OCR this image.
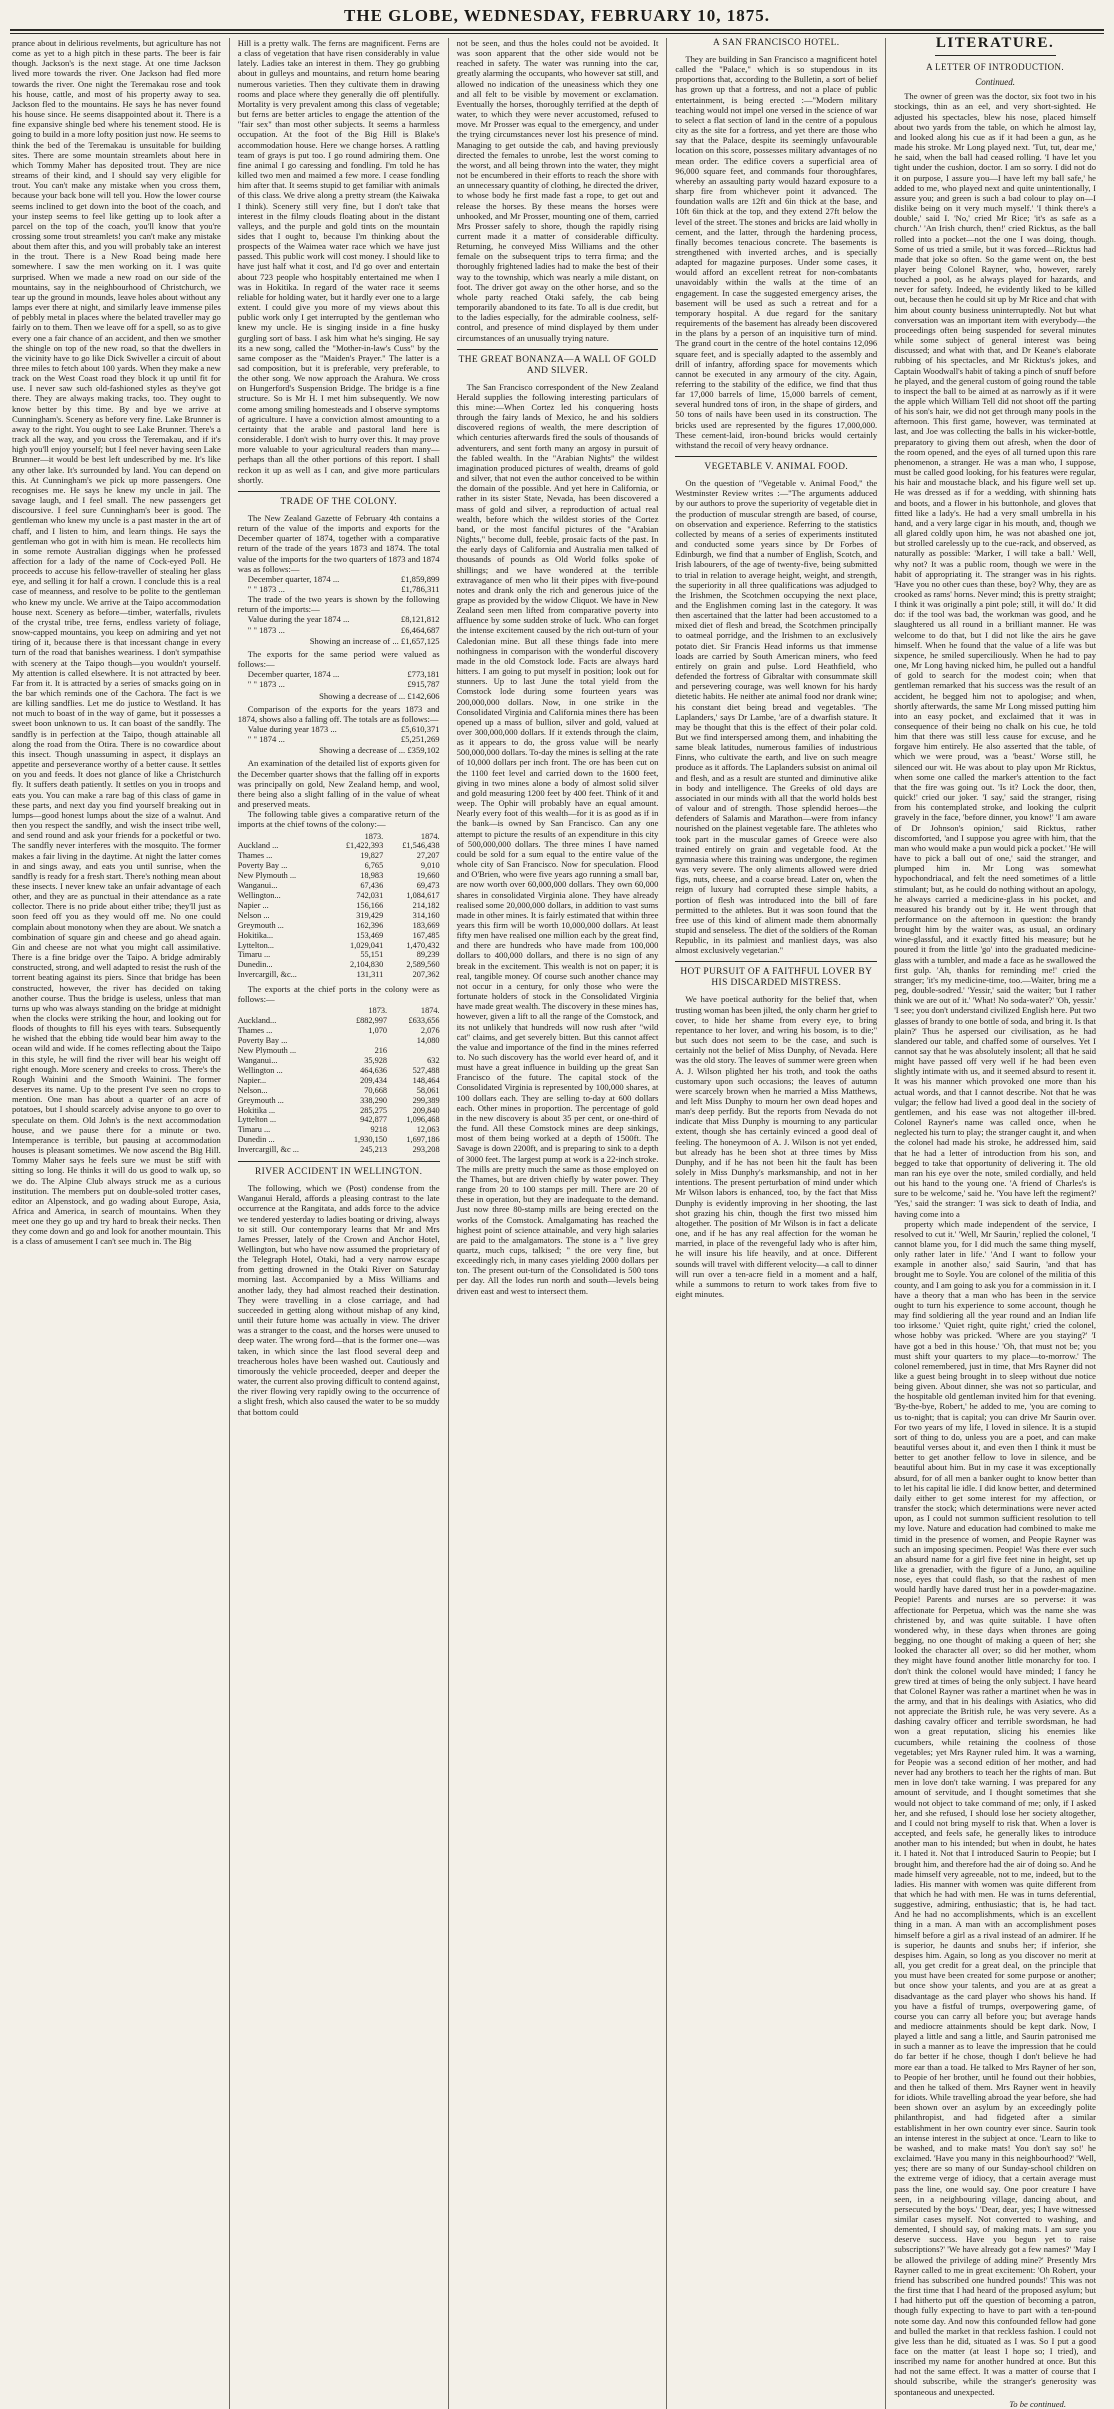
THE GLOBE, WEDNESDAY, FEBRUARY 10, 1875.

prance about in delirious revelments, but agriculture has not come as yet to a high pitch in these parts. The beer is fair though. Jackson's is the next stage. At one time Jackson lived more towards the river. One Jackson had fled more towards the river. One night the Teremakau rose and took his house, cattle, and most of his property away to sea. Jackson fled to the mountains. He says he has never found his house since. He seems disappointed about it. There is a fine expansive shingle bed where his tenement stood. He is going to build in a more lofty position just now. He seems to think the bed of the Teremakau is unsuitable for building sites. There are some mountain streamlets about here in which Tommy Maher has deposited trout. They are nice streams of their kind, and I should say very eligible for trout. You can't make any mistake when you cross them, because your back bone will tell you. How the lower course seems inclined to get down into the boot of the coach, and your instep seems to feel like getting up to look after a parcel on the top of the coach, you'll know that you're crossing some trout streamlets! you can't make any mistake about them after this, and you will probably take an interest in the trout. There is a New Road being made here somewhere. I saw the men working on it. I was quite surprised. When we made a new road on our side of the mountains, say in the neighbourhood of Christchurch, we tear up the ground in mounds, leave holes about without any lamps ever there at night, and similarly leave immense piles of pebbly metal in places where the belated traveller may go fairly on to them. Then we leave off for a spell, so as to give every one a fair chance of an accident, and then we smother the shingle on top of the new road, so that the dwellers in the vicinity have to go like Dick Swiveller a circuit of about three miles to fetch about 100 yards. When they make a new track on the West Coast road they block it up until fit for use. I never saw such old-fashioned styles as they've got there. They are always making tracks, too. They ought to know better by this time. By and bye we arrive at Cunningham's. Scenery as before very fine. Lake Brunner is away to the right. You ought to see Lake Brunner. There's a track all the way, and you cross the Teremakau, and if it's high you'll enjoy yourself; but I feel never having seen Lake Brunner—it would be best left undescribed by me. It's like any other lake. It's surrounded by land. You can depend on this. At Cunningham's we pick up more passengers. One recognises me. He says he knew my uncle in jail. The savage laugh, and I feel small. The new passengers get discoursive. I feel sure Cunningham's beer is good. The gentleman who knew my uncle is a past master in the art of chaff, and I listen to him, and learn things. He says the gentleman who got in with him is mean. He recollects him in some remote Australian diggings when he professed affection for a lady of the name of Cock-eyed Poll. He proceeds to accuse his fellow-traveller of stealing her glass eye, and selling it for half a crown. I conclude this is a real case of meanness, and resolve to be polite to the gentleman who knew my uncle. We arrive at the Taipo accommodation house next. Scenery as before—timber, waterfalls, rivulets of the crystal tribe, tree ferns, endless variety of foliage, snow-capped mountains, you keep on admiring and yet not tiring of it, because there is that incessant change in every turn of the road that banishes weariness. I don't sympathise with scenery at the Taipo though—you wouldn't yourself. My attention is called elsewhere. It is not attracted by beer. Far from it. It is attracted by a series of smacks going on in the bar which reminds one of the Cachora. The fact is we are killing sandflies. Let me do justice to Westland. It has not much to boast of in the way of game, but it possesses a sweet boon unknown to us. It can boast of the sandfly. The sandfly is in perfection at the Taipo, though attainable all along the road from the Otira. There is no cowardice about this insect. Though unassuming in aspect, it displays an appetite and perseverance worthy of a better cause. It settles on you and feeds. It does not glance of like a Christchurch fly. It suffers death patiently. It settles on you in troops and eats you. You can make a rare bag of this class of game in these parts, and next day you find yourself breaking out in lumps—good honest lumps about the size of a walnut. And then you respect the sandfly, and wish the insect tribe well, and send round and ask your friends for a pocketful or two. The sandfly never interferes with the mosquito. The former makes a fair living in the daytime. At night the latter comes in and sings away, and eats you until sunrise, when the sandfly is ready for a fresh start. There's nothing mean about these insects. I never knew take an unfair advantage of each other, and they are as punctual in their attendance as a rate collector. There is no pride about either tribe; they'll just as soon feed off you as they would off me. No one could complain about monotony when they are about. We snatch a combination of square gin and cheese and go ahead again. Gin and cheese are not what you might call assimilative. There is a fine bridge over the Taipo. A bridge admirably constructed, strong, and well adapted to resist the rush of the torrent beating against its piers. Since that bridge has been constructed, however, the river has decided on taking another course. Thus the bridge is useless, unless that man turns up who was always standing on the bridge at midnight when the clocks were striking the hour, and looking out for floods of thoughts to fill his eyes with tears. Subsequently he wished that the ebbing tide would bear him away to the ocean wild and wide. If he comes reflecting about the Taipo in this style, he will find the river will bear his weight off right enough. More scenery and creeks to cross. There's the Rough Wainini and the Smooth Wainini. The former deserves its name. Up to the present I've seen no crops to mention. One man has about a quarter of an acre of potatoes, but I should scarcely advise anyone to go over to speculate on them. Old John's is the next accommodation house, and we pause there for a minute or two. Intemperance is terrible, but pausing at accommodation houses is pleasant sometimes. We now ascend the Big Hill. Tommy Maher says he feels sure we must be stiff with sitting so long. He thinks it will do us good to walk up, so we do. The Alpine Club always struck me as a curious institution. The members put on double-soled trotter cases, editor an Alpenstock, and go wading about Europe, Asia, Africa and America, in search of mountains. When they meet one they go up and try hard to break their necks. Then they come down and go and look for another mountain. This is a class of amusement I can't see much in. The Big

Hill is a pretty walk. The ferns are magnificent. Ferns are a class of vegetation that have risen considerably in value lately. Ladies take an interest in them. They go grubbing about in gulleys and mountains, and return home bearing numerous varieties. Then they cultivate them in drawing rooms and place where they generally die off plentifully. Mortality is very prevalent among this class of vegetable; but ferns are better articles to engage the attention of the "fair sex" than most other subjects. It seems a harmless occupation. At the foot of the Big Hill is Blake's accommodation house. Here we change horses. A rattling team of grays is put too. I go round admiring them. One fine animal I go caressing and fondling. I'm told he has killed two men and maimed a few more. I cease fondling him after that. It seems stupid to get familiar with animals of this class. We drive along a pretty stream (the Kaiwaka I think). Scenery still very fine, but I don't take that interest in the filmy clouds floating about in the distant valleys, and the purple and gold tints on the mountain sides that I ought to, because I'm thinking about the prospects of the Waimea water race which we have just passed. This public work will cost money. I should like to have just half what it cost, and I'd go over and entertain about 723 people who hospitably entertained me when I was in Hokitika. In regard of the water race it seems reliable for holding water, but it hardly ever one to a large extent. I could give you more of my views about this public work only I get interrupted by the gentleman who knew my uncle. He is singing inside in a fine husky gurgling sort of bass. I ask him what he's singing. He say its a new song, called the "Mother-in-law's Cuss" by the same composer as the "Maiden's Prayer." The latter is a sad composition, but it is preferable, very preferable, to the other song. We now approach the Arahura. We cross on Hungerford's Suspension Bridge. The bridge is a fine structure. So is Mr H. I met him subsequently. We now come among smiling homesteads and I observe symptoms of agriculture. I have a conviction almost amounting to a certainty that the arable and pastoral land here is considerable. I don't wish to hurry over this. It may prove more valuable to your agricultural readers than many—perhaps than all the other portions of this report. I shall reckon it up as well as I can, and give more particulars shortly.

TRADE OF THE COLONY.

The New Zealand Gazette of February 4th contains a return of the value of the imports and exports for the December quarter of 1874, together with a comparative return of the trade of the years 1873 and 1874. The total value of the imports for the two quarters of 1873 and 1874 was as follows:—

December quarter, 1874 ...	£1,859,899
" " 1873 ...	£1,786,311

The trade of the two years is shown by the following return of the imports:—

Value during the year 1874 ...	£8,121,812
" " 1873 ...	£6,464,687
Showing an increase of ... £1,657,125

The exports for the same period were valued as follows:—

December quarter, 1874 ...	£773,181
" " 1873 ...	£915,787
Showing a decrease of ... £142,606

Comparison of the exports for the years 1873 and 1874, shows also a falling off. The totals are as follows:—

Value during year 1873 ...	£5,610,371
" " 1874 ...	£5,251,269
Showing a decrease of ... £359,102

An examination of the detailed list of exports given for the December quarter shows that the falling off in exports was principally on gold, New Zealand hemp, and wool, there being also a slight falling of in the value of wheat and preserved meats.

The following table gives a comparative return of the imports at the chief towns of the colony:—

	1873.	1874.
Auckland ...	£1,422,393	£1,546,438
Thames ...	19,827	27,207
Poverty Bay ...	6,765	9,010
New Plymouth ...	18,983	19,660
Wanganui...	67,436	69,473
Wellington...	742,031	1,084,617
Napier ...	156,166	214,182
Nelson ...	319,429	314,160
Greymouth ...	162,396	183,669
Hokitika...	153,469	167,485
Lyttelton...	1,029,041	1,470,432
Timaru ...	55,151	89,239
Dunedin...	2,104,830	2,589,560
Invercargill, &c...	131,311	207,362

The exports at the chief ports in the colony were as follows:—

	1873.	1874.
Auckland...	£882,997	£633,656
Thames ...	1,070	2,076
Poverty Bay ...		14,080
New Plymouth ...	216	
Wanganui...	35,928	632
Wellington ...	464,636	527,488
Napier...	209,434	148,464
Nelson...	70,668	58,061
Greymouth ...	338,290	299,389
Hokitika ...	285,275	209,840
Lyttelton ...	942,877	1,096,468
Timaru ...	9218	12,063
Dunedin ...	1,930,150	1,697,186
Invercargill, &c ...	245,213	293,208
RIVER ACCIDENT IN WELLINGTON.

The following, which we (Post) condense from the Wanganui Herald, affords a pleasing contrast to the late occurrence at the Rangitata, and adds force to the advice we tendered yesterday to ladies boating or driving, always to sit still. Our contemporary learns that Mr and Mrs James Presser, lately of the Crown and Anchor Hotel, Wellington, but who have now assumed the proprietary of the Telegraph Hotel, Otaki, had a very narrow escape from getting drowned in the Otaki River on Saturday morning last. Accompanied by a Miss Williams and another lady, they had almost reached their destination. They were travelling in a close carriage, and had succeeded in getting along without mishap of any kind, until their future home was actually in view. The driver was a stranger to the coast, and the horses were unused to deep water. The wrong ford—that is the former one—was taken, in which since the last flood several deep and treacherous holes have been washed out. Cautiously and timorously the vehicle proceeded, deeper and deeper the water, the current also proving difficult to contend against, the river flowing very rapidly owing to the occurrence of a slight fresh, which also caused the water to be so muddy that bottom could

not be seen, and thus the holes could not be avoided. It was soon apparent that the other side would not be reached in safety. The water was running into the car, greatly alarming the occupants, who however sat still, and allowed no indication of the uneasiness which they one and all felt to be visible by movement or exclamation. Eventually the horses, thoroughly terrified at the depth of water, to which they were never accustomed, refused to move. Mr Prosser was equal to the emergency, and under the trying circumstances never lost his presence of mind. Managing to get outside the cab, and having previously directed the females to unrobe, lest the worst coming to the worst, and all being thrown into the water, they might not be encumbered in their efforts to reach the shore with an unnecessary quantity of clothing, he directed the driver, to whose body he first made fast a rope, to get out and release the horses. By these means the horses were unhooked, and Mr Prosser, mounting one of them, carried Mrs Prosser safely to shore, though the rapidly rising current made it a matter of considerable difficulty. Returning, he conveyed Miss Williams and the other female on the subsequent trips to terra firma; and the thoroughly frightened ladies had to make the best of their way to the township, which was nearly a mile distant, on foot. The driver got away on the other horse, and so the whole party reached Otaki safely, the cab being temporarily abandoned to its fate. To all is due credit, but to the ladies especially, for the admirable coolness, self-control, and presence of mind displayed by them under circumstances of an unusually trying nature.

THE GREAT BONANZA—A WALL OF GOLD AND SILVER.

The San Francisco correspondent of the New Zealand Herald supplies the following interesting particulars of this mine:—When Cortez led his conquering hosts through the fairy lands of Mexico, he and his soldiers discovered regions of wealth, the mere description of which centuries afterwards fired the souls of thousands of adventurers, and sent forth many an argosy in pursuit of the fabled wealth. In the "Arabian Nights" the wildest imagination produced pictures of wealth, dreams of gold and silver, that not even the author conceived to be within the domain of the possible. And yet here in California, or rather in its sister State, Nevada, has been discovered a mass of gold and silver, a reproduction of actual real wealth, before which the wildest stories of the Cortez band, or the most fanciful pictures of the "Arabian Nights," become dull, feeble, prosaic facts of the past. In the early days of California and Australia men talked of thousands of pounds as Old World folks spoke of shillings; and we have wondered at the terrible extravagance of men who lit their pipes with five-pound notes and drank only the rich and generous juice of the grape as provided by the widow Cliquot. We have in New Zealand seen men lifted from comparative poverty into affluence by some sudden stroke of luck. Who can forget the intense excitement caused by the rich out-turn of your Caledonian mine. But all these things fade into mere nothingness in comparison with the wonderful discovery made in the old Comstock lode. Facts are always hard hitters. I am going to put myself in position; look out for stunners. Up to last June the total yield from the Comstock lode during some fourteen years was 200,000,000 dollars. Now, in one strike in the Consolidated Virginia and California mines there has been opened up a mass of bullion, silver and gold, valued at over 300,000,000 dollars. If it extends through the claim, as it appears to do, the gross value will be nearly 500,000,000 dollars. To-day the mines is selling at the rate of 10,000 dollars per inch front. The ore has been cut on the 1100 feet level and carried down to the 1600 feet, giving in two mines alone a body of almost solid silver and gold measuring 1200 feet by 400 feet. Think of it and weep. The Ophir will probably have an equal amount. Nearly every foot of this wealth—for it is as good as if in the bank—is owned by San Francisco. Can any one attempt to picture the results of an expenditure in this city of 500,000,000 dollars. The three mines I have named could be sold for a sum equal to the entire value of the whole city of San Francisco. Now for speculation. Flood and O'Brien, who were five years ago running a small bar, are now worth over 60,000,000 dollars. They own 60,000 shares in consolidated Virginia alone. They have already realised some 20,000,000 dollars, in addition to vast sums made in other mines. It is fairly estimated that within three years this firm will be worth 10,000,000 dollars. At least fifty men have realised one million each by the great find, and there are hundreds who have made from 100,000 dollars to 400,000 dollars, and there is no sign of any break in the excitement. This wealth is not on paper; it is real, tangible money. Of course such another chance may not occur in a century, for only those who were the fortunate holders of stock in the Consolidated Virginia have made great wealth. The discovery in these mines has, however, given a lift to all the range of the Comstock, and its not unlikely that hundreds will now rush after "wild cat" claims, and get severely bitten. But this cannot affect the value and importance of the find in the mines referred to. No such discovery has the world ever heard of, and it must have a great influence in building up the great San Francisco of the future. The capital stock of the Consolidated Virginia is represented by 100,000 shares, at 100 dollars each. They are selling to-day at 600 dollars each. Other mines in proportion. The percentage of gold in the new discovery is about 35 per cent, or one-third of the fund. All these Comstock mines are deep sinkings, most of them being worked at a depth of 1500ft. The Savage is down 2200ft, and is preparing to sink to a depth of 3000 feet. The largest pump at work is a 22-inch stroke. The mills are pretty much the same as those employed on the Thames, but are driven chiefly by water power. They range from 20 to 100 stamps per mill. There are 20 of these in operation, but they are inadequate to the demand. Just now three 80-stamp mills are being erected on the works of the Comstock. Amalgamating has reached the highest point of science attainable, and very high salaries are paid to the amalgamators. The stone is a " live grey quartz, much cups, talkised; " the ore very fine, but exceedingly rich, in many cases yielding 2000 dollars per ton. The present out-turn of the Consolidated is 500 tons per day. All the lodes run north and south—levels being driven east and west to intersect them.

A SAN FRANCISCO HOTEL.

They are building in San Francisco a magnificent hotel called the "Palace," which is so stupendous in its proportions that, according to the Bulletin, a sort of belief has grown up that a fortress, and not a place of public entertainment, is being erected :—"Modern military teaching would not impel one versed in the science of war to select a flat section of land in the centre of a populous city as the site for a fortress, and yet there are those who say that the Palace, despite its seemingly unfavourable location on this score, possesses military advantages of no mean order. The edifice covers a superficial area of 96,000 square feet, and commands four thoroughfares, whereby an assaulting party would hazard exposure to a sharp fire from whichever point it advanced. The foundation walls are 12ft and 6in thick at the base, and 10ft 6in thick at the top, and they extend 27ft below the level of the street. The stones and bricks are laid wholly in cement, and the latter, through the hardening process, finally becomes tenacious concrete. The basements is strengthened with inverted arches, and is specially adapted for magazine purposes. Under some cases, it would afford an excellent retreat for non-combatants unavoidably within the walls at the time of an engagement. In case the suggested emergency arises, the basement will be used as such a retreat and for a temporary hospital. A due regard for the sanitary requirements of the basement has already been discovered in the plans by a person of an inquisitive turn of mind. The grand court in the centre of the hotel contains 12,096 square feet, and is specially adapted to the assembly and drill of infantry, affording space for movements which cannot be executed in any armoury of the city. Again, referring to the stability of the edifice, we find that thus far 17,000 barrels of lime, 15,000 barrels of cement, several hundred tons of iron, in the shape of girders, and 50 tons of nails have been used in its construction. The bricks used are represented by the figures 17,000,000. These cement-laid, iron-bound bricks would certainly withstand the recoil of very heavy ordnance.

VEGETABLE V. ANIMAL FOOD.

On the question of "Vegetable v. Animal Food," the Westminster Review writes :—"The arguments adduced by our authors to prove the superiority of vegetable diet in the production of muscular strength are based, of course, on observation and experience. Referring to the statistics collected by means of a series of experiments instituted and conducted some years since by Dr Forbes of Edinburgh, we find that a number of English, Scotch, and Irish labourers, of the age of twenty-five, being submitted to trial in relation to average height, weight, and strength, the superiority in all three qualifications was adjudged to the Irishmen, the Scotchmen occupying the next place, and the Englishmen coming last in the category. It was then ascertained that the latter had been accustomed to a mixed diet of flesh and bread, the Scotchmen principally to oatmeal porridge, and the Irishmen to an exclusively potato diet. Sir Francis Head informs us that immense loads are carried by South American miners, who feed entirely on grain and pulse. Lord Heathfield, who defended the fortress of Gibraltar with consummate skill and persevering courage, was well known for his hardy dietetic habits. He neither ate animal food nor drank wine; his constant diet being bread and vegetables. 'The Laplanders,' says Dr Lambe, 'are of a dwarfish stature. It may be thought that this is the effect of their polar cold. But we find interspersed among them, and inhabiting the same bleak latitudes, numerous families of industrious Finns, who cultivate the earth, and live on such meagre produce as it affords. The Laplanders subsist on animal oil and flesh, and as a result are stunted and diminutive alike in body and intelligence. The Greeks of old days are associated in our minds with all that the world holds best of valour and of strength. Those splendid heroes—the defenders of Salamis and Marathon—were from infancy nourished on the plainest vegetable fare. The athletes who took part in the muscular games of Greece were also trained entirely on grain and vegetable food. At the gymnasia where this training was undergone, the regimen was very severe. The only aliments allowed were dried figs, nuts, cheese, and a coarse bread. Later on, when the reign of luxury had corrupted these simple habits, a portion of flesh was introduced into the bill of fare permitted to the athletes. But it was soon found that the free use of this kind of aliment made them abnormally stupid and senseless. The diet of the soldiers of the Roman Republic, in its palmiest and manliest days, was also almost exclusively vegetarian."

HOT PURSUIT OF A FAITHFUL LOVER BY HIS DISCARDED MISTRESS.

We have poetical authority for the belief that, when trusting woman has been jilted, the only charm her grief to cover, to hide her shame from every eye, to bring repentance to her lover, and wring his bosom, is to die;" but such does not seem to be the case, and such is certainly not the belief of Miss Dunphy, of Nevada. Here was the old story. The leaves of summer were green when A. J. Wilson plighted her his troth, and took the oaths customary upon such occasions; the leaves of autumn were scarcely brown when he married a Miss Matthews, and left Miss Dunphy to mourn her own dead hopes and man's deep perfidy. But the reports from Nevada do not indicate that Miss Dunphy is mourning to any particular extent, though she has certainly evinced a good deal of feeling. The honeymoon of A. J. Wilson is not yet ended, but already has he been shot at three times by Miss Dunphy, and if he has not been hit the fault has been solely in Miss Dunphy's marksmanship, and not in her intentions. The present perturbation of mind under which Mr Wilson labors is enhanced, too, by the fact that Miss Dunphy is evidently improving in her shooting, the last shot grazing his chin, though the first two missed him altogether. The position of Mr Wilson is in fact a delicate one, and if he has any real affection for the woman he married, in place of the revengeful lady who is after him, he will insure his life heavily, and at once. Different sounds will travel with different velocity—a call to dinner will run over a ten-acre field in a moment and a half, while a summons to return to work takes from five to eight minutes.

LITERATURE.
A LETTER OF INTRODUCTION.
Continued.

The owner of green was the doctor, six foot two in his stockings, thin as an eel, and very short-sighted. He adjusted his spectacles, blew his nose, placed himself about two yards from the table, on which he almost lay, and looked along his cue as if it had been a gun, as he made his stroke. Mr Long played next. 'Tut, tut, dear me,' he said, when the ball had ceased rolling. 'I have let you tight under the cushion, doctor. I am so sorry. I did not do it on purpose, I assure you—I have left my ball safe,' he added to me, who played next and quite unintentionally, I assure you; and green is such a bad colour to play on—I dislike being on it very much myself.' 'I think there's a double,' said I. 'No,' cried Mr Rice; 'it's as safe as a church.' 'An Irish church, then!' cried Ricktus, as the ball rolled into a pocket—not the one I was doing, though. Some of us tried a smile, but it was forced—Ricktus had made that joke so often. So the game went on, the best player being Colonel Rayner, who, however, rarely touched a pool, as he always played for hazards, and never for safety. Indeed, he evidently liked to be killed out, because then he could sit up by Mr Rice and chat with him about county business uninterruptedly. Not but what conversation was an important item with everybody—the proceedings often being suspended for several minutes while some subject of general interest was being discussed; and what with that, and Dr Keane's elaborate rubbing of his spectacles, and Mr Ricktus's jokes, and Captain Woodwall's habit of taking a pinch of snuff before he played, and the general custom of going round the table to inspect the ball to be aimed at as narrowly as if it were the apple which William Tell did not shoot off the parting of his son's hair, we did not get through many pools in the afternoon. This first game, however, was terminated at last, and Joe was collecting the balls in his wicker-bottle, preparatory to giving them out afresh, when the door of the room opened, and the eyes of all turned upon this rare phenomenon, a stranger. He was a man who, I suppose, must be called good looking, for his features were regular, his hair and moustache black, and his figure well set up. He was dressed as if for a wedding, with shinning hats and boots, and a flower in his buttonhole, and gloves that fitted like a lady's. He had a very small umbrella in his hand, and a very large cigar in his mouth, and, though we all glared coldly upon him, he was not abashed one jot, but strolled carelessly up to the cue-rack, and observed, as naturally as possible: 'Marker, I will take a ball.' Well, why not? It was a public room, though we were in the habit of appropriating it. The stranger was in his rights. 'Have you no other cues than these, boy? Why, they are as crooked as rams' horns. Never mind; this is pretty straight; I think it was originally a pint pole; still, it will do.' It did do: if the tool was bad, the workman was good, and he slaughtered us all round in a brilliant manner. He was welcome to do that, but I did not like the airs he gave himself. When he found that the value of a life was but sixpence, he smiled superciliously. When he had to pay one, Mr Long having nicked him, he pulled out a handful of gold to search for the modest coin; when that gentleman remarked that his success was the result of an accident, he begged him not to apologise; and when, shortly afterwards, the same Mr Long missed putting him into an easy pocket, and exclaimed that it was in consequence of their being no chalk on his cue, he told him that there was still less cause for excuse, and he forgave him entirely. He also asserted that the table, of which we were proud, was a 'beast.' Worse still, he silenced our wit. He was about to play upon Mr Ricktus, when some one called the marker's attention to the fact that the fire was going out. 'Is it? Lock the door, then, quick!' cried our joker. 'I say,' said the stranger, rising from his contemplated stroke, and looking the culprit gravely in the face, 'before dinner, you know!' 'I am aware of Dr Johnson's opinion,' said Ricktus, rather discomforted, 'and I suppose you agree with him, that the man who would make a pun would pick a pocket.' 'He will have to pick a ball out of one,' said the stranger, and plumped him in. Mr Long was somewhat hypochondriacal, and felt the need sometimes of a little stimulant; but, as he could do nothing without an apology, he always carried a medicine-glass in his pocket, and measured his brandy out by it. He went through that performance on the afternoon in question: the brandy brought him by the waiter was, as usual, an ordinary wine-glassful, and it exactly fitted his measure; but he poured it from the little 'go' into the graduated medicine-glass with a tumbler, and made a face as he swallowed the first gulp. 'Ah, thanks for reminding me!' cried the stranger; 'it's my medicine-time, too.—Waiter, bring me a peg, double-sodred.' 'Yessir,' said the waiter; 'but I rather think we are out of it.' 'What! No soda-water?' 'Oh, yessir.' 'I see; you don't understand civilized English here. Put two glasses of brandy to one bottle of soda, and bring it. Is that plain?' Thus he aspersed our civilisation, as he had slandered our table, and chaffed some of ourselves. Yet I cannot say that he was absolutely insolent; all that he said might have passed off very well if he had been even slightly intimate with us, and it seemed absurd to resent it. It was his manner which provoked one more than his actual words, and that I cannot describe. Not that he was vulgar; the fellow had lived a good deal in the society of gentlemen, and his ease was not altogether ill-bred. Colonel Rayner's name was called once, when he neglected his turn to play; the stranger caught it, and when the colonel had made his stroke, he addressed him, said that he had a letter of introduction from his son, and begged to take that opportunity of delivering it. The old man ran his eye over the note, smiled cordially, and held out his hand to the young one. 'A friend of Charles's is sure to be welcome,' said he. 'You have left the regiment?' 'Yes,' said the stranger: 'I was sick to death of India, and having come into a

property which made independent of the service, I resolved to cut it.' 'Well, Mr Saurin,' replied the colonel, 'I cannot blame you, for I did much the same thing myself, only rather later in life.' 'And I want to follow your example in another also,' said Saurin, 'and that has brought me to Soyle. You are colonel of the militia of this county, and I am going to ask you for a commission in it. I have a theory that a man who has been in the service ought to turn his experience to some account, though he may find soldiering all the year round and an Indian life too irksome.' 'Quiet right, quite right,' cried the colonel, whose hobby was pricked. 'Where are you staying?' 'I have got a bed in this house.' 'Oh, that must not be; you must shift your quarters to my place—to-morrow.' The colonel remembered, just in time, that Mrs Rayner did not like a guest being brought in to sleep without due notice being given. About dinner, she was not so particular, and the hospitable old gentleman invited him for that evening. 'By-the-bye, Robert,' he added to me, 'you are coming to us to-night; that is capital; you can drive Mr Saurin over. For two years of my life, I loved in silence. It is a stupid sort of thing to do, unless you are a poet, and can make beautiful verses about it, and even then I think it must be better to get another fellow to love in silence, and be beautiful about him. But in my case it was exceptionally absurd, for of all men a banker ought to know better than to let his capital lie idle. I did know better, and determined daily either to get some interest for my affection, or transfer the stock; which determinations were never acted upon, as I could not summon sufficient resolution to tell my love. Nature and education had combined to make me timid in the presence of women, and Peopie Rayner was such an imposing specimen. Peopie! Was there ever such an absurd name for a girl five feet nine in height, set up like a grenadier, with the figure of a Juno, an aquiline nose, eyes that could flash, so that the rashest of men would hardly have dared trust her in a powder-magazine. Peopie! Parents and nurses are so perverse: it was affectionate for Perpetua, which was the name she was christened by, and was quite suitable. I have often wondered why, in these days when thrones are going begging, no one thought of making a queen of her; she looked the character all over; so did her mother, whom they might have found another little monarchy for too. I don't think the colonel would have minded; I fancy he grew tired at times of being the only subject. I have heard that Colonel Rayner was rather a martinet when he was in the army, and that in his dealings with Asiatics, who did not appreciate the British rule, he was very severe. As a dashing cavalry officer and terrible swordsman, he had won a great reputation, slicing his enemies like cucumbers, while retaining the coolness of those vegetables; yet Mrs Rayner ruled him. It was a warning, for Peopie was a second edition of her mother, and had never had any brothers to teach her the rights of man. But men in love don't take warning. I was prepared for any amount of servitude, and I thought sometimes that she would not object to take command of me; only, if I asked her, and she refused, I should lose her society altogether, and I could not bring myself to risk that. When a lover is accepted, and feels safe, he generally likes to introduce another man to his intended; but when in doubt, he hates it. I hated it. Not that I introduced Saurin to Peopie; but I brought him, and therefore had the air of doing so. And he made himself very agreeable, not to me, indeed, but to the ladies. His manner with women was quite different from that which he had with men. He was in turns deferential, suggestive, admiring, enthusiastic; that is, he had tact. And he had no accomplishments, which is an excellent thing in a man. A man with an accomplishment poses himself before a girl as a rival instead of an admirer. If he is superior, he daunts and snubs her; if inferior, she despises him. Again, so long as you discover no merit at all, you get credit for a great deal, on the principle that you must have been created for some purpose or another; but once show your talents, and you are at as great a disadvantage as the card player who shows his hand. If you have a fistful of trumps, overpowering game, of course you can carry all before you; but average hands and mediocre attainments should be kept dark. Now, I played a little and sang a little, and Saurin patronised me in such a manner as to leave the impression that he could do far better if he chose, though I don't believe he had more ear than a toad. He talked to Mrs Rayner of her son, to Peopie of her brother, until he found out their hobbies, and then he talked of them. Mrs Rayner went in heavily for idiots. While travelling abroad the year before, she had been shown over an asylum by an exceedingly polite philanthropist, and had fidgeted after a similar establishment in her own country ever since. Saurin took an intense interest in the subject at once. 'Learn to like to be washed, and to make mats! You don't say so!' he exclaimed. 'Have you many in this neighbourhood?' 'Well, yes; there are so many of our Sunday-school children on the extreme verge of idiocy, that a certain average must pass the line, one would say. One poor creature I have seen, in a neighbouring village, dancing about, and persecuted by the boys.' 'Dear, dear, yes; I have witnessed similar cases myself. Not converted to washing, and demented, I should say, of making mats. I am sure you deserve success. Have you begun yet to raise subscriptions?' 'We have already got a few names?' 'May I be allowed the privilege of adding mine?' Presently Mrs Rayner called to me in great excitement: 'Oh Robert, your friend has subscribed one hundred pounds!' This was not the first time that I had heard of the proposed asylum; but I had hitherto put off the question of becoming a patron, though fully expecting to have to part with a ten-pound note some day. And now this confounded fellow had gone and bulled the market in that reckless fashion. I could not give less than he did, situated as I was. So I put a good face on the matter (at least I hope so; I tried), and inscribed my name for another hundred at once. But this had not the same effect. It was a matter of course that I should subscribe, while the stranger's generosity was spontaneous and unexpected.

To be continued.
